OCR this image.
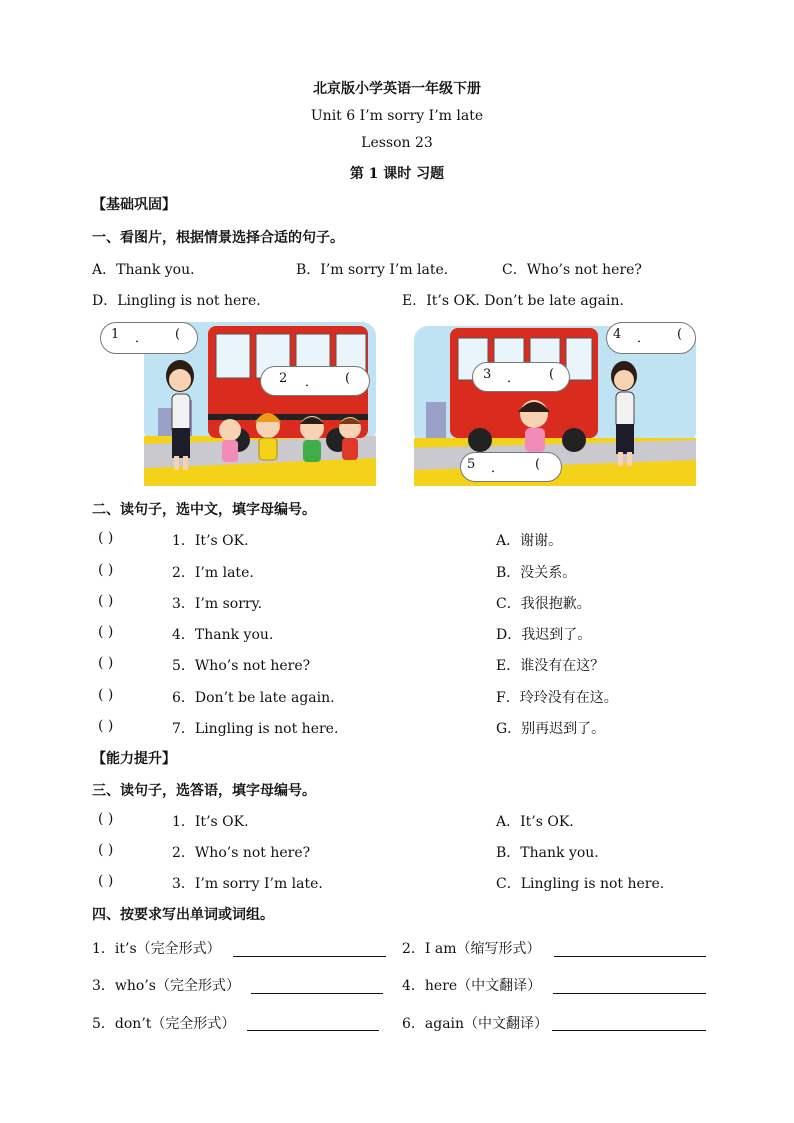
北京版小学英语一年级下册
Unit 6 I’m sorry I’m late
Lesson 23
第 1 课时 习题
【基础巩固】
一、看图片，根据情景选择合适的句子。
A．Thank you.	B．I’m sorry I’m late.	C．Who’s not here?
D．Lingling is not here.	E．It’s OK. Don’t be late again.
1 ． (
2 ． (
4 ． (
3 ． (
5 ． (
二、读句子，选中文，填字母编号。
( )	1．It’s OK.	A．谢谢。
( )	2．I’m late.	B．没关系。
( )	3．I’m sorry.	C．我很抱歉。
( )	4．Thank you.	D．我迟到了。
( )	5．Who’s not here?	E．谁没有在这？
( )	6．Don’t be late again.	F．玲玲没有在这。
( )	7．Lingling is not here.	G．别再迟到了。
【能力提升】
三、读句子，选答语，填字母编号。
( )	1．It’s OK.	A．It’s OK.
( )	2．Who’s not here?	B．Thank you.
( )	3．I’m sorry I’m late.	C．Lingling is not here.
四、按要求写出单词或词组。
1．it’s（完全形式）	2．I am（缩写形式）
3．who’s（完全形式）	4．here（中文翻译）
5．don’t（完全形式）	6．again（中文翻译）
